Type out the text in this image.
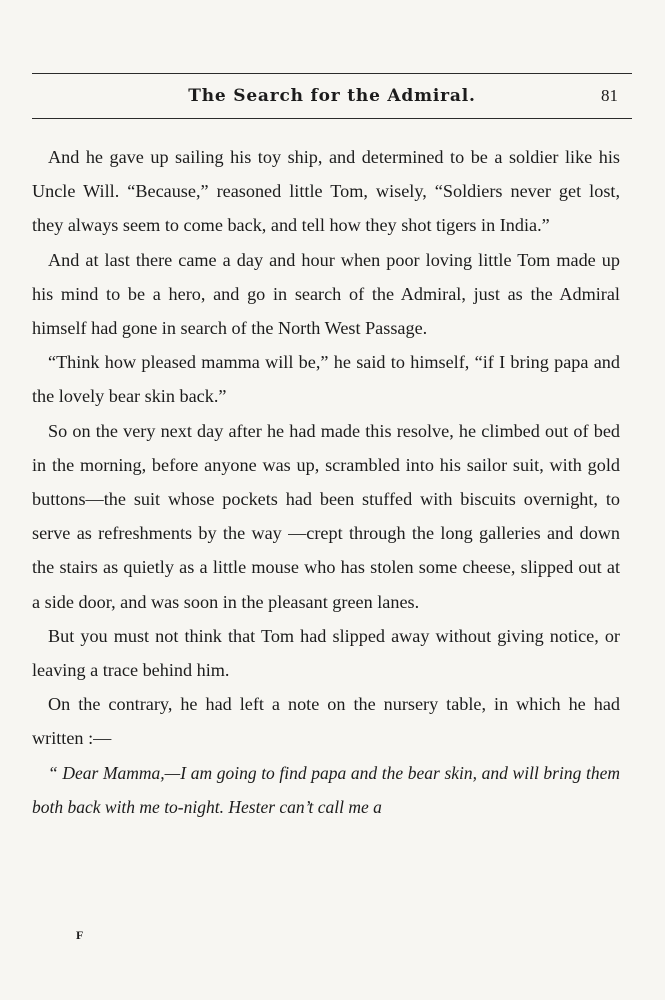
The Search for the Admiral.	81

And he gave up sailing his toy ship, and determined to be a soldier like his Uncle Will. “Because,” reasoned little Tom, wisely, “Soldiers never get lost, they always seem to come back, and tell how they shot tigers in India.”

And at last there came a day and hour when poor loving little Tom made up his mind to be a hero, and go in search of the Admiral, just as the Admiral himself had gone in search of the North West Passage.

“Think how pleased mamma will be,” he said to himself, “if I bring papa and the lovely bear skin back.”

So on the very next day after he had made this resolve, he climbed out of bed in the morning, before anyone was up, scrambled into his sailor suit, with gold buttons—the suit whose pockets had been stuffed with biscuits overnight, to serve as refreshments by the way —crept through the long galleries and down the stairs as quietly as a little mouse who has stolen some cheese, slipped out at a side door, and was soon in the pleasant green lanes.

But you must not think that Tom had slipped away without giving notice, or leaving a trace behind him.

On the contrary, he had left a note on the nursery table, in which he had written :—

“ Dear Mamma,—I am going to find papa and the bear skin, and will bring them both back with me to-night. Hester can’t call me a

F
